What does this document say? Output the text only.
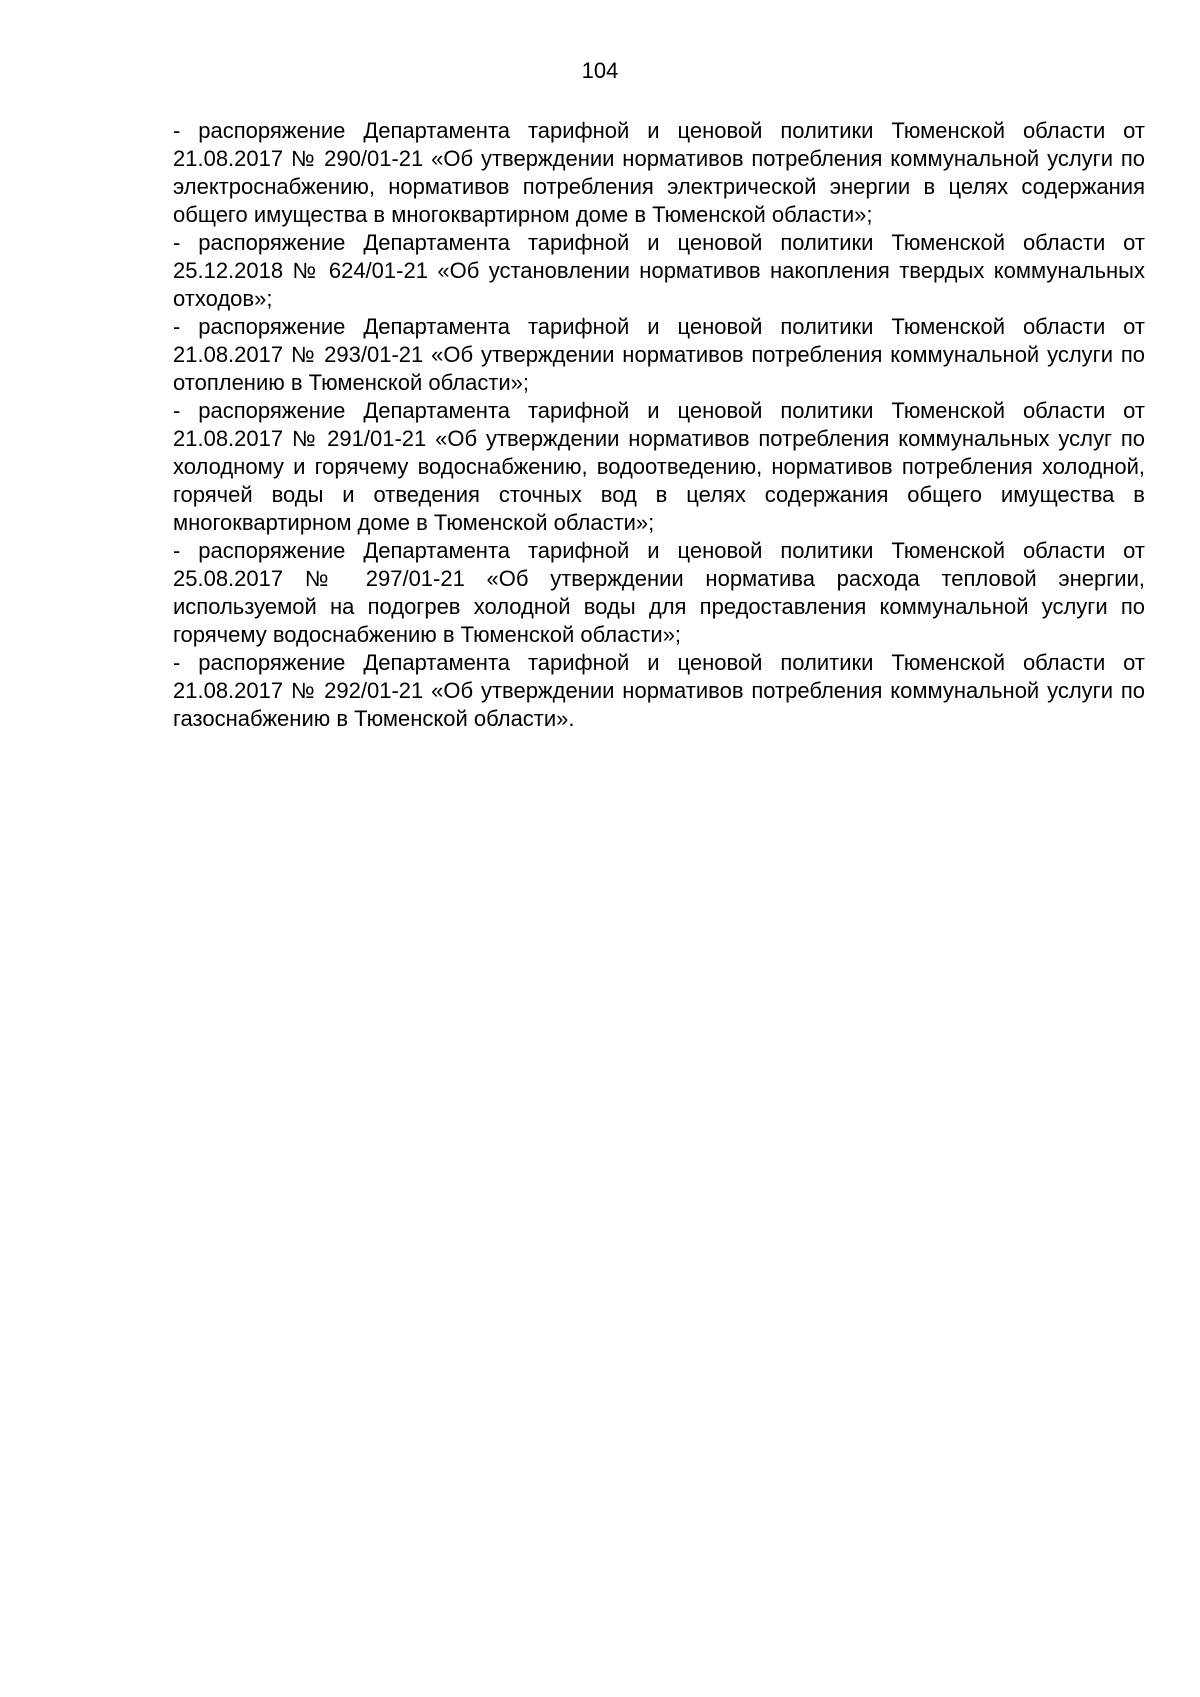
104

- распоряжение Департамента тарифной и ценовой политики Тюменской области от 21.08.2017 № 290/01-21 «Об утверждении нормативов потребления коммунальной услуги по электроснабжению, нормативов потребления электрической энергии в целях содержания общего имущества в многоквартирном доме в Тюменской области»;

- распоряжение Департамента тарифной и ценовой политики Тюменской области от 25.12.2018 № 624/01-21 «Об установлении нормативов накопления твердых коммунальных отходов»;

- распоряжение Департамента тарифной и ценовой политики Тюменской области от 21.08.2017 № 293/01-21 «Об утверждении нормативов потребления коммунальной услуги по отоплению в Тюменской области»;

- распоряжение Департамента тарифной и ценовой политики Тюменской области от 21.08.2017 № 291/01-21 «Об утверждении нормативов потребления коммунальных услуг по холодному и горячему водоснабжению, водоотведению, нормативов потребления холодной, горячей воды и отведения сточных вод в целях содержания общего имущества в многоквартирном доме в Тюменской области»;

- распоряжение Департамента тарифной и ценовой политики Тюменской области от 25.08.2017 № 297/01-21 «Об утверждении норматива расхода тепловой энергии, используемой на подогрев холодной воды для предоставления коммунальной услуги по горячему водоснабжению в Тюменской области»;

- распоряжение Департамента тарифной и ценовой политики Тюменской области от 21.08.2017 № 292/01-21 «Об утверждении нормативов потребления коммунальной услуги по газоснабжению в Тюменской области».
